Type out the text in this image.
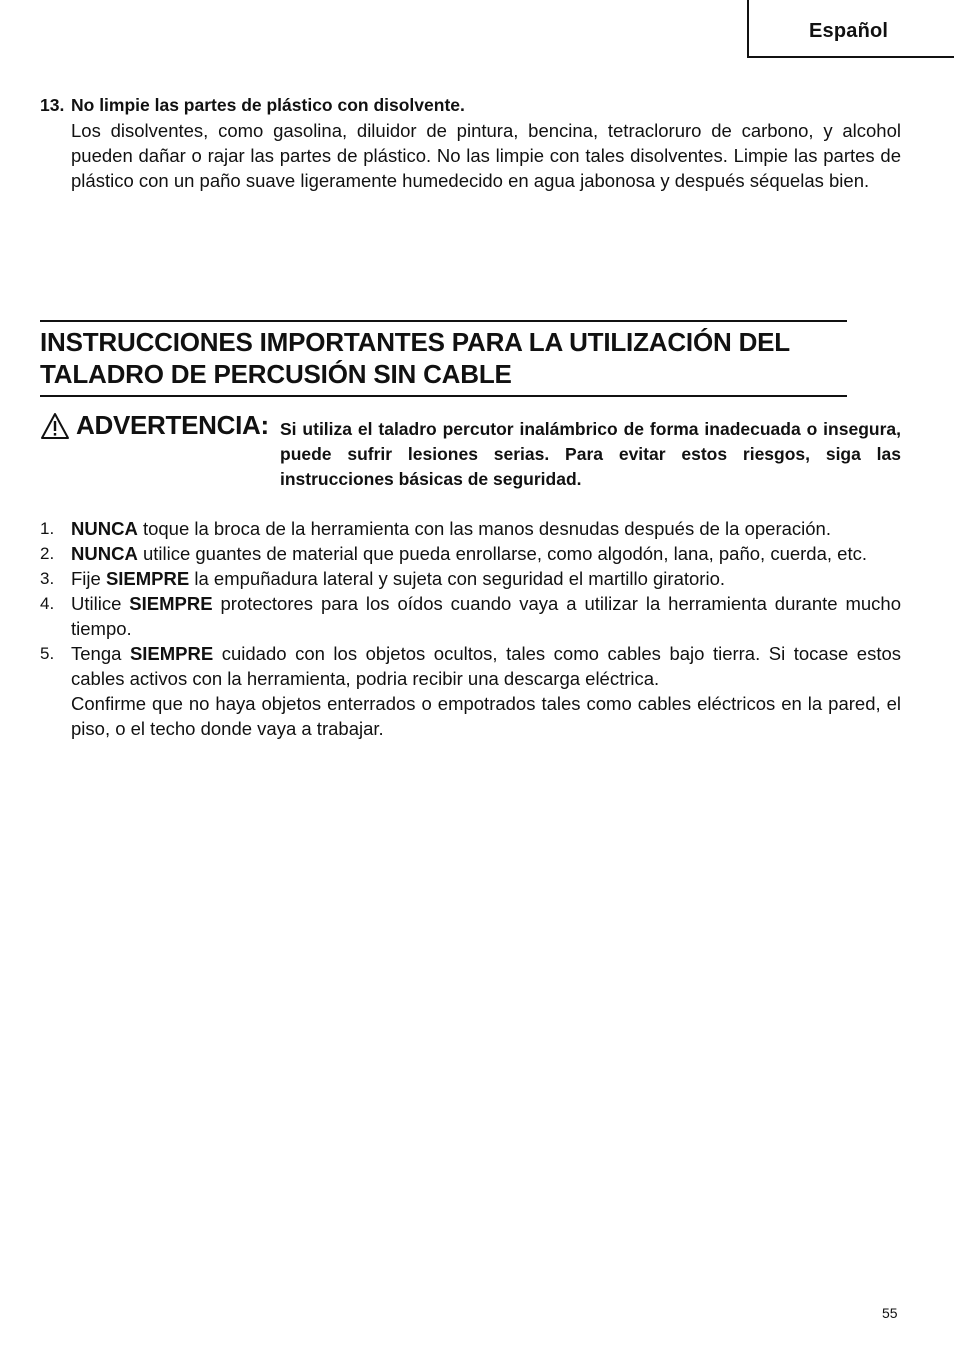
Español
13. No limpie las partes de plástico con disolvente.
Los disolventes, como gasolina, diluidor de pintura, bencina, tetracloruro de carbono, y alcohol pueden dañar o rajar las partes de plástico. No las limpie con tales disolventes. Limpie las partes de plástico con un paño suave ligeramente humedecido en agua jabonosa y después séquelas bien.
INSTRUCCIONES IMPORTANTES PARA LA UTILIZACIÓN DEL
TALADRO DE PERCUSIÓN SIN CABLE
ADVERTENCIA: Si utiliza el taladro percutor inalámbrico de forma inadecuada o insegura, puede sufrir lesiones serias. Para evitar estos riesgos, siga las instrucciones básicas de seguridad.
1. NUNCA toque la broca de la herramienta con las manos desnudas después de la operación.
2. NUNCA utilice guantes de material que pueda enrollarse, como algodón, lana, paño, cuerda, etc.
3. Fije SIEMPRE la empuñadura lateral y sujeta con seguridad el martillo giratorio.
4. Utilice SIEMPRE protectores para los oídos cuando vaya a utilizar la herramienta durante mucho tiempo.
5. Tenga SIEMPRE cuidado con los objetos ocultos, tales como cables bajo tierra. Si tocase estos cables activos con la herramienta, podria recibir una descarga eléctrica.
Confirme que no haya objetos enterrados o empotrados tales como cables eléctricos en la pared, el piso, o el techo donde vaya a trabajar.
55
